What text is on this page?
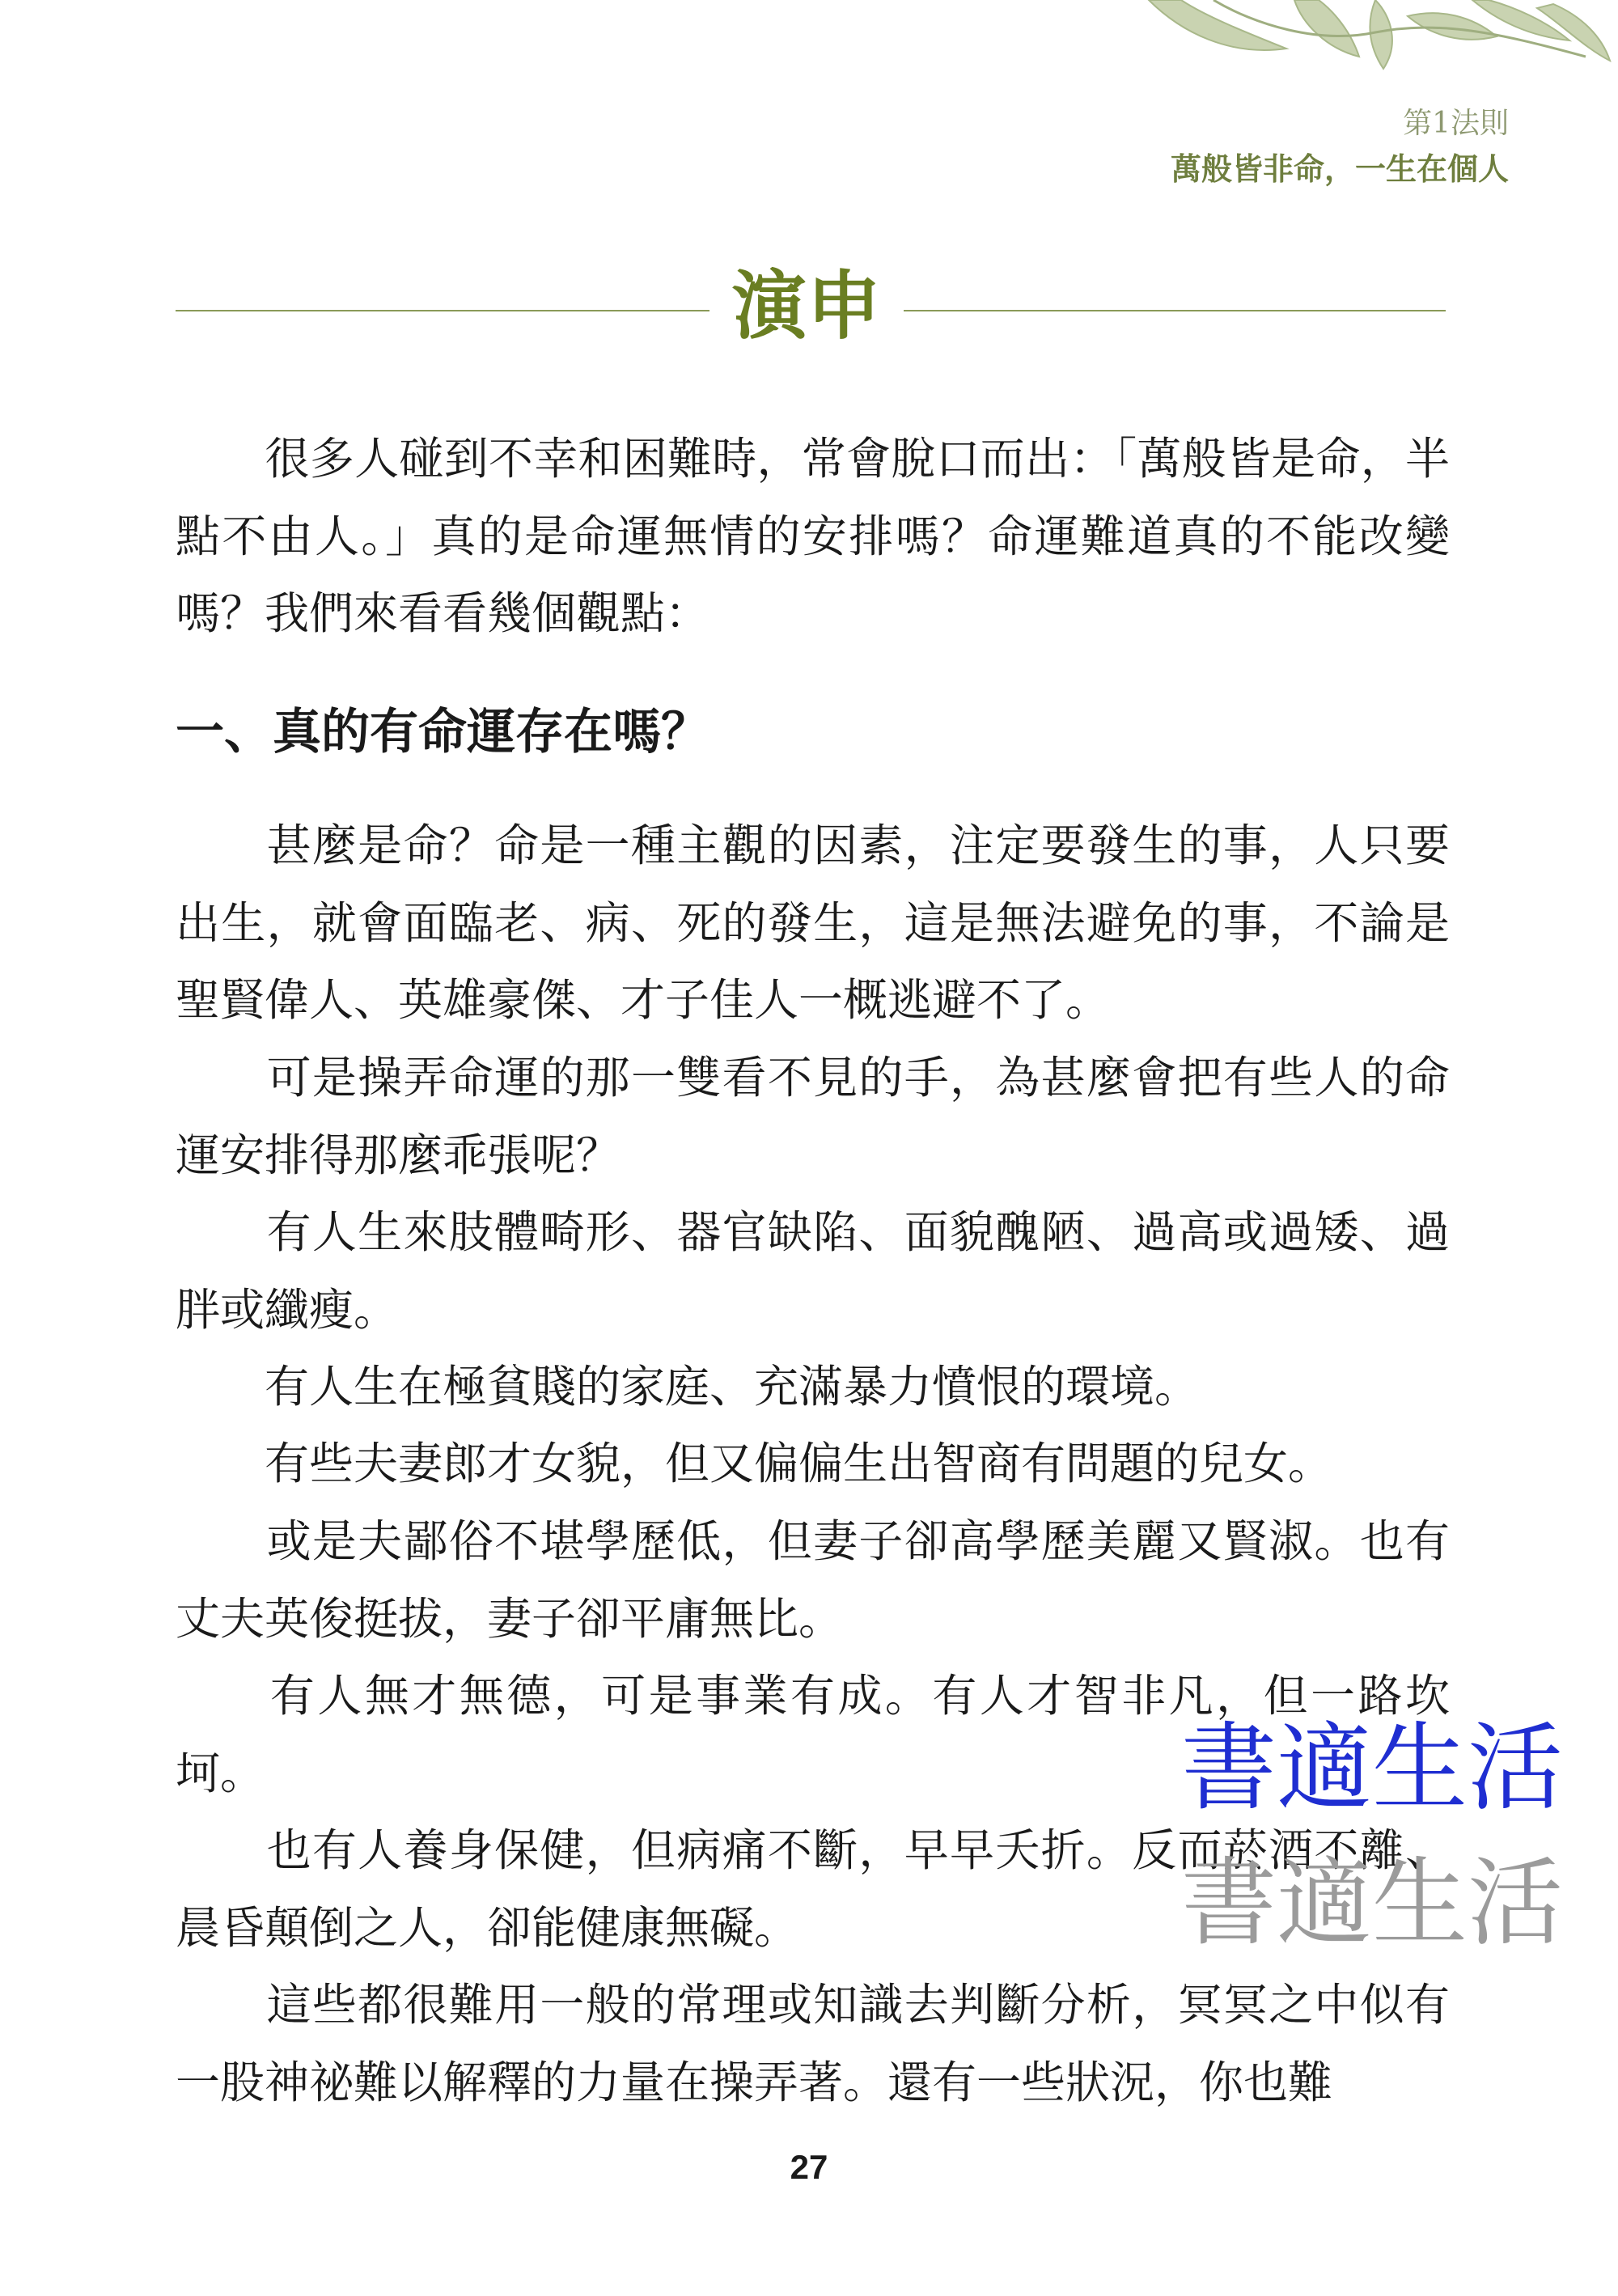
第1法則
萬般皆非命，一生在個人
演申

　　很多人碰到不幸和困難時，常會脫口而出：「萬般皆是命，半點不由人。」真的是命運無情的安排嗎？命運難道真的不能改變嗎？我們來看看幾個觀點：

一、真的有命運存在嗎？

　　甚麼是命？命是一種主觀的因素，注定要發生的事，人只要出生，就會面臨老、病、死的發生，這是無法避免的事，不論是聖賢偉人、英雄豪傑、才子佳人一概逃避不了。

　　可是操弄命運的那一雙看不見的手，為甚麼會把有些人的命運安排得那麼乖張呢？

　　有人生來肢體畸形、器官缺陷、面貌醜陋、過高或過矮、過胖或纖瘦。

　　有人生在極貧賤的家庭、充滿暴力憤恨的環境。

　　有些夫妻郎才女貌，但又偏偏生出智商有問題的兒女。

　　或是夫鄙俗不堪學歷低，但妻子卻高學歷美麗又賢淑。也有丈夫英俊挺拔，妻子卻平庸無比。

　　有人無才無德，可是事業有成。有人才智非凡，但一路坎坷。

　　也有人養身保健，但病痛不斷，早早夭折。反而菸酒不離、晨昏顛倒之人，卻能健康無礙。

　　這些都很難用一般的常理或知識去判斷分析，冥冥之中似有一股神祕難以解釋的力量在操弄著。還有一些狀況，你也難

書適生活
書適生活
27
